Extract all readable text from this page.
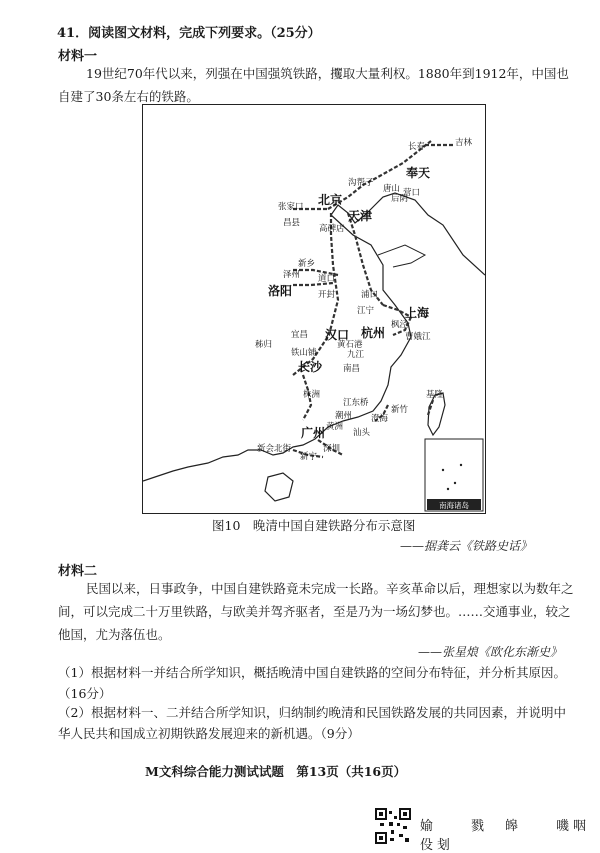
41．阅读图文材料，完成下列要求。（25分）
材料一
19世纪70年代以来，列强在中国强筑铁路，攫取大量利权。1880年到1912年，中国也自建了30条左右的铁路。
长春	吉林
奉天
沟帮子
唐山
后阴
营口
张家口 北京
天津
昌县
高碑店
泽州 道口
新乡
洛阳	开封	浦口
上海
江宁
枫泾
杭州 曹娥江
宜昌 汉口
秭归
铁山铺
黄石港
九江
南昌
长沙
株洲
江东桥
潮州 澄海
汕头
新竹
基隆
广州 黄洲
新会北街
新宁
深圳
南海诸岛
图10　晚清中国自建铁路分布示意图
——据龚云《铁路史话》
材料二
民国以来，日事政争，中国自建铁路竟未完成一长路。辛亥革命以后，理想家以为数年之间，可以完成二十万里铁路，与欧美并驾齐驱者，至是乃为一场幻梦也。……交通事业，较之他国，尤为落伍也。
——张星烺《欧化东渐史》
（1）根据材料一并结合所学知识，概括晚清中国自建铁路的空间分布特征，并分析其原因。（16分）
（2）根据材料一、二并结合所学知识，归纳制约晚清和民国铁路发展的共同因素，并说明中华人民共和国成立初期铁路发展迎来的新机遇。（9分）
M文科综合能力测试试题　第13页（共16页）
媮　　戮　皞　　嘰咽伇刬
